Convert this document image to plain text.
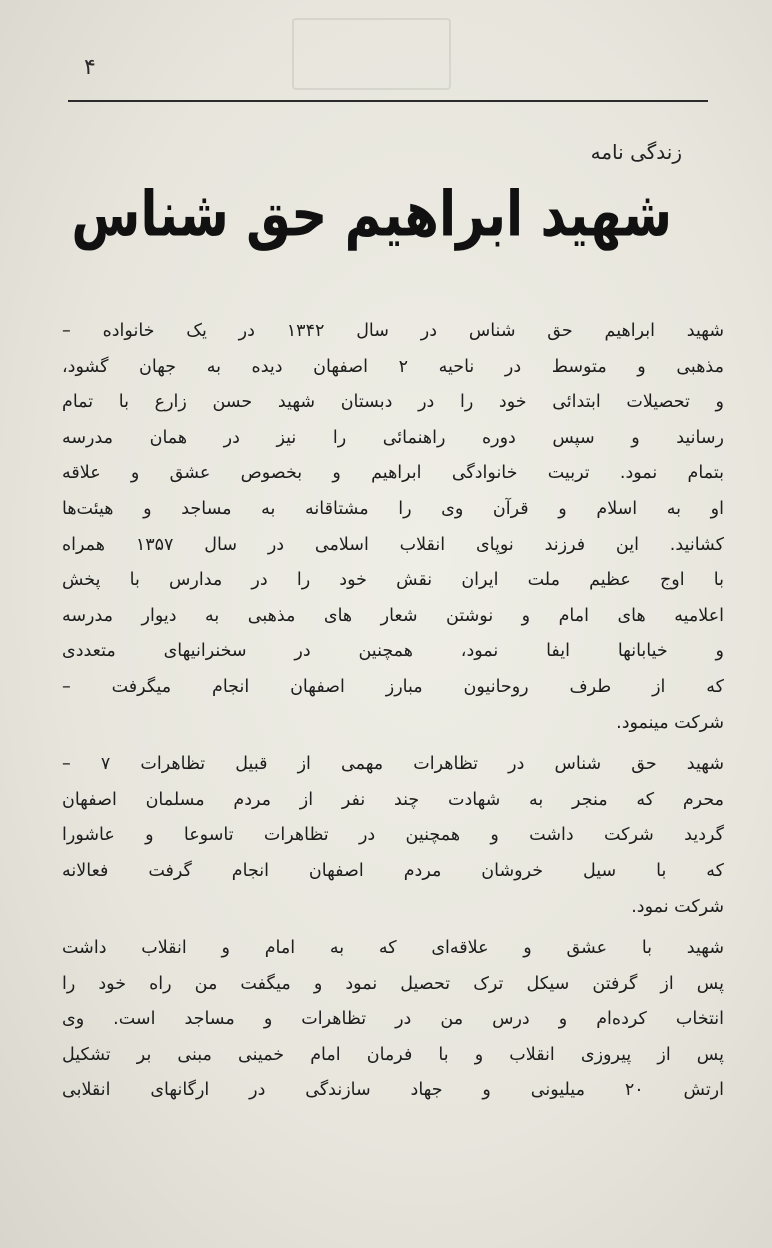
۴
زندگی نامه
شهید ابراهیم حق شناس
شهید ابراهیم حق شناس در سال ۱۳۴۲ در یک خانواده –
مذهبی و متوسط در ناحیه ۲ اصفهان دیده به جهان گشود،
و تحصیلات ابتدائی خود را در دبستان شهید حسن زارع با تمام
رسانید و سپس دوره راهنمائی را نیز در همان مدرسه
بتمام نمود. تربیت خانوادگی ابراهیم و بخصوص عشق و علاقه
او به اسلام و قرآن وی را مشتاقانه به مساجد و هیئت‌ها
کشانید. این فرزند نوپای انقلاب اسلامی در سال ۱۳۵۷ همراه
با اوج عظیم ملت ایران نقش خود را در مدارس با پخش
اعلامیه های امام و نوشتن شعار های مذهبی به دیوار مدرسه
و خیابانها ایفا نمود، همچنین در سخنرانیهای متعددی
که از طرف روحانیون مبارز اصفهان انجام میگرفت –
شرکت مینمود.
شهید حق شناس در تظاهرات مهمی از قبیل تظاهرات ۷ –
محرم که منجر به شهادت چند نفر از مردم مسلمان اصفهان
گردید شرکت داشت و همچنین در تظاهرات تاسوعا و عاشورا
که با سیل خروشان مردم اصفهان انجام گرفت فعالانه
شرکت نمود.
شهید با عشق و علاقه‌ای که به امام و انقلاب داشت
پس از گرفتن سیکل ترک تحصیل نمود و میگفت من راه خود را
انتخاب کرده‌ام و درس من در تظاهرات و مساجد است. وی
پس از پیروزی انقلاب و با فرمان امام خمینی مبنی بر تشکیل
ارتش ۲۰ میلیونی و جهاد سازندگی در ارگانهای انقلابی
